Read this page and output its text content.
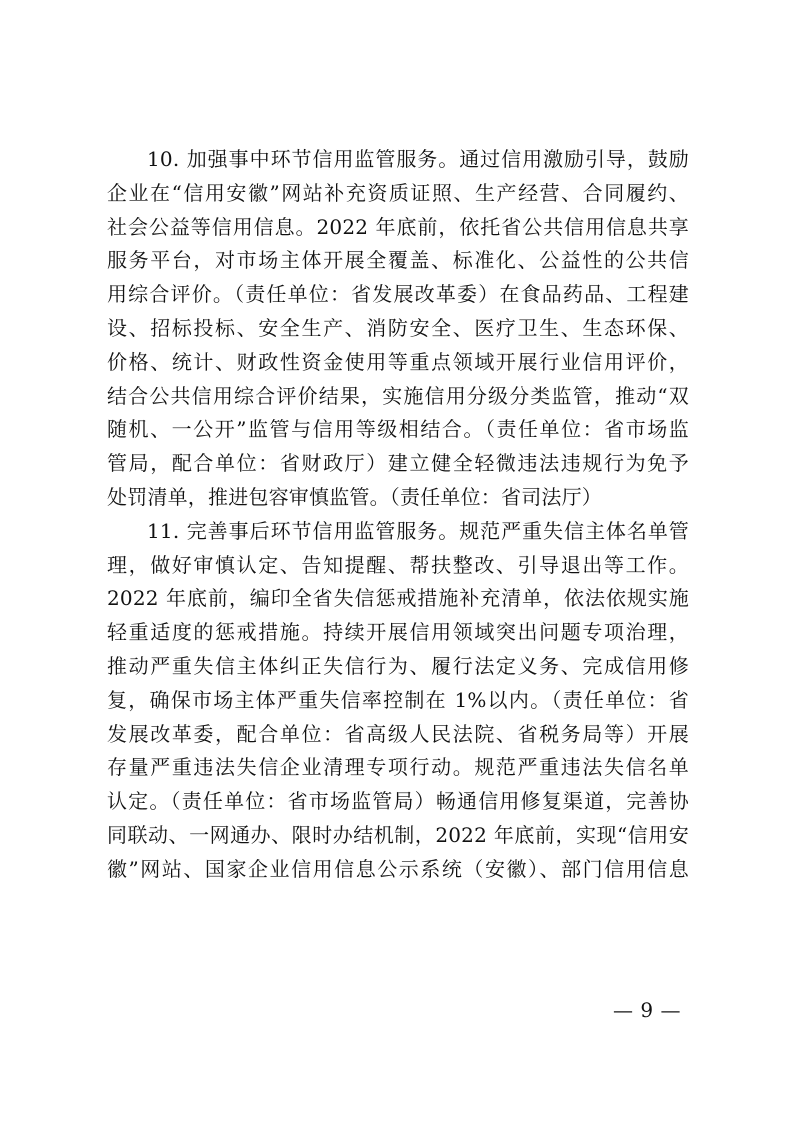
10. 加强事中环节信用监管服务。通过信用激励引导，鼓励
企业在“信用安徽”网站补充资质证照、生产经营、合同履约、
社会公益等信用信息。2022 年底前，依托省公共信用信息共享
服务平台，对市场主体开展全覆盖、标准化、公益性的公共信
用综合评价。（责任单位：省发展改革委）在食品药品、工程建
设、招标投标、安全生产、消防安全、医疗卫生、生态环保、
价格、统计、财政性资金使用等重点领域开展行业信用评价，
结合公共信用综合评价结果，实施信用分级分类监管，推动“双
随机、一公开”监管与信用等级相结合。（责任单位：省市场监
管局，配合单位：省财政厅）建立健全轻微违法违规行为免予
处罚清单，推进包容审慎监管。（责任单位：省司法厅）
11. 完善事后环节信用监管服务。规范严重失信主体名单管
理，做好审慎认定、告知提醒、帮扶整改、引导退出等工作。
2022 年底前，编印全省失信惩戒措施补充清单，依法依规实施
轻重适度的惩戒措施。持续开展信用领域突出问题专项治理，
推动严重失信主体纠正失信行为、履行法定义务、完成信用修
复，确保市场主体严重失信率控制在 1%以内。（责任单位：省
发展改革委，配合单位：省高级人民法院、省税务局等）开展
存量严重违法失信企业清理专项行动。规范严重违法失信名单
认定。（责任单位：省市场监管局）畅通信用修复渠道，完善协
同联动、一网通办、限时办结机制，2022 年底前，实现“信用安
徽”网站、国家企业信用信息公示系统（安徽）、部门信用信息
— 9 —
